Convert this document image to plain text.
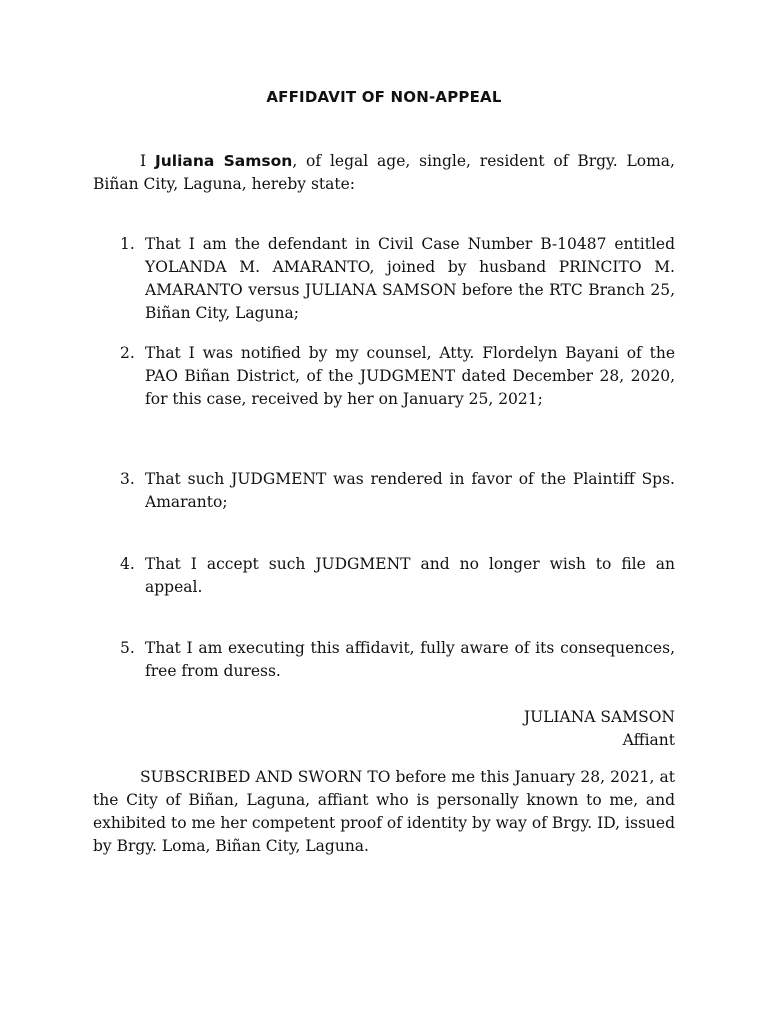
AFFIDAVIT OF NON-APPEAL

I Juliana Samson, of legal age, single, resident of Brgy. Loma, Biñan City, Laguna, hereby state:

1. That I am the defendant in Civil Case Number B-10487 entitled YOLANDA M. AMARANTO, joined by husband PRINCITO M. AMARANTO versus JULIANA SAMSON before the RTC Branch 25, Biñan City, Laguna;
2. That I was notified by my counsel, Atty. Flordelyn Bayani of the PAO Biñan District, of the JUDGMENT dated December 28, 2020, for this case, received by her on January 25, 2021;
3. That such JUDGMENT was rendered in favor of the Plaintiff Sps. Amaranto;
4. That I accept such JUDGMENT and no longer wish to file an appeal.
5. That I am executing this affidavit, fully aware of its consequences, free from duress.
JULIANA SAMSON
Affiant

SUBSCRIBED AND SWORN TO before me this January 28, 2021, at the City of Biñan, Laguna, affiant who is personally known to me, and exhibited to me her competent proof of identity by way of Brgy. ID, issued by Brgy. Loma, Biñan City, Laguna.
